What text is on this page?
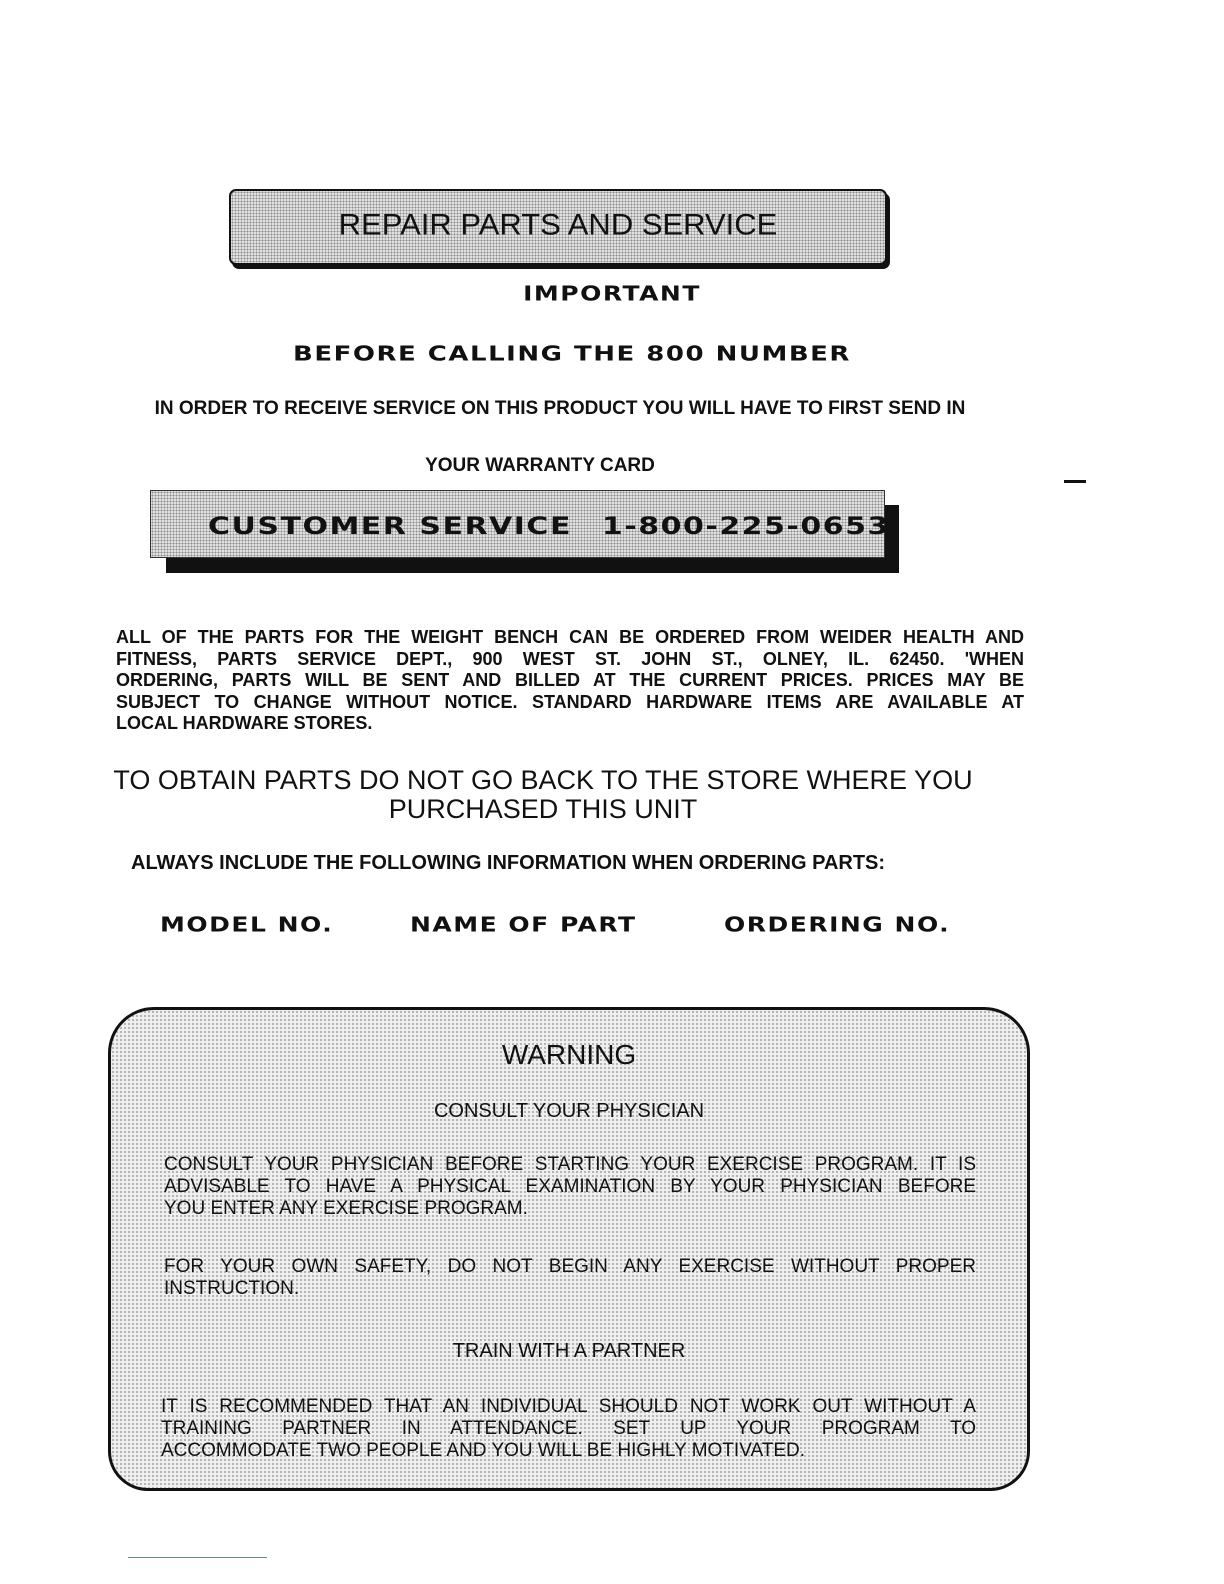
REPAIR PARTS AND SERVICE
IMPORTANT
BEFORE CALLING THE 800 NUMBER
IN ORDER TO RECEIVE SERVICE ON THIS PRODUCT YOU WILL HAVE TO FIRST SEND IN
YOUR WARRANTY CARD
CUSTOMER SERVICE 1-800-225-0653
ALL OF THE PARTS FOR THE WEIGHT BENCH CAN BE ORDERED FROM WEIDER HEALTH AND
FITNESS, PARTS SERVICE DEPT., 900 WEST ST. JOHN ST., OLNEY, IL. 62450. 'WHEN
ORDERING, PARTS WILL BE SENT AND BILLED AT THE CURRENT PRICES. PRICES MAY BE
SUBJECT TO CHANGE WITHOUT NOTICE. STANDARD HARDWARE ITEMS ARE AVAILABLE AT
LOCAL HARDWARE STORES.
TO OBTAIN PARTS DO NOT GO BACK TO THE STORE WHERE YOU
PURCHASED THIS UNIT
ALWAYS INCLUDE THE FOLLOWING INFORMATION WHEN ORDERING PARTS:
MODEL NO.	NAME OF PART	ORDERING NO.
WARNING
CONSULT YOUR PHYSICIAN
CONSULT YOUR PHYSICIAN BEFORE STARTING YOUR EXERCISE PROGRAM. IT IS
ADVISABLE TO HAVE A PHYSICAL EXAMINATION BY YOUR PHYSICIAN BEFORE
YOU ENTER ANY EXERCISE PROGRAM.
FOR YOUR OWN SAFETY, DO NOT BEGIN ANY EXERCISE WITHOUT PROPER
INSTRUCTION.
TRAIN WITH A PARTNER
IT IS RECOMMENDED THAT AN INDIVIDUAL SHOULD NOT WORK OUT WITHOUT A
TRAINING PARTNER IN ATTENDANCE. SET UP YOUR PROGRAM TO
ACCOMMODATE TWO PEOPLE AND YOU WILL BE HIGHLY MOTIVATED.
